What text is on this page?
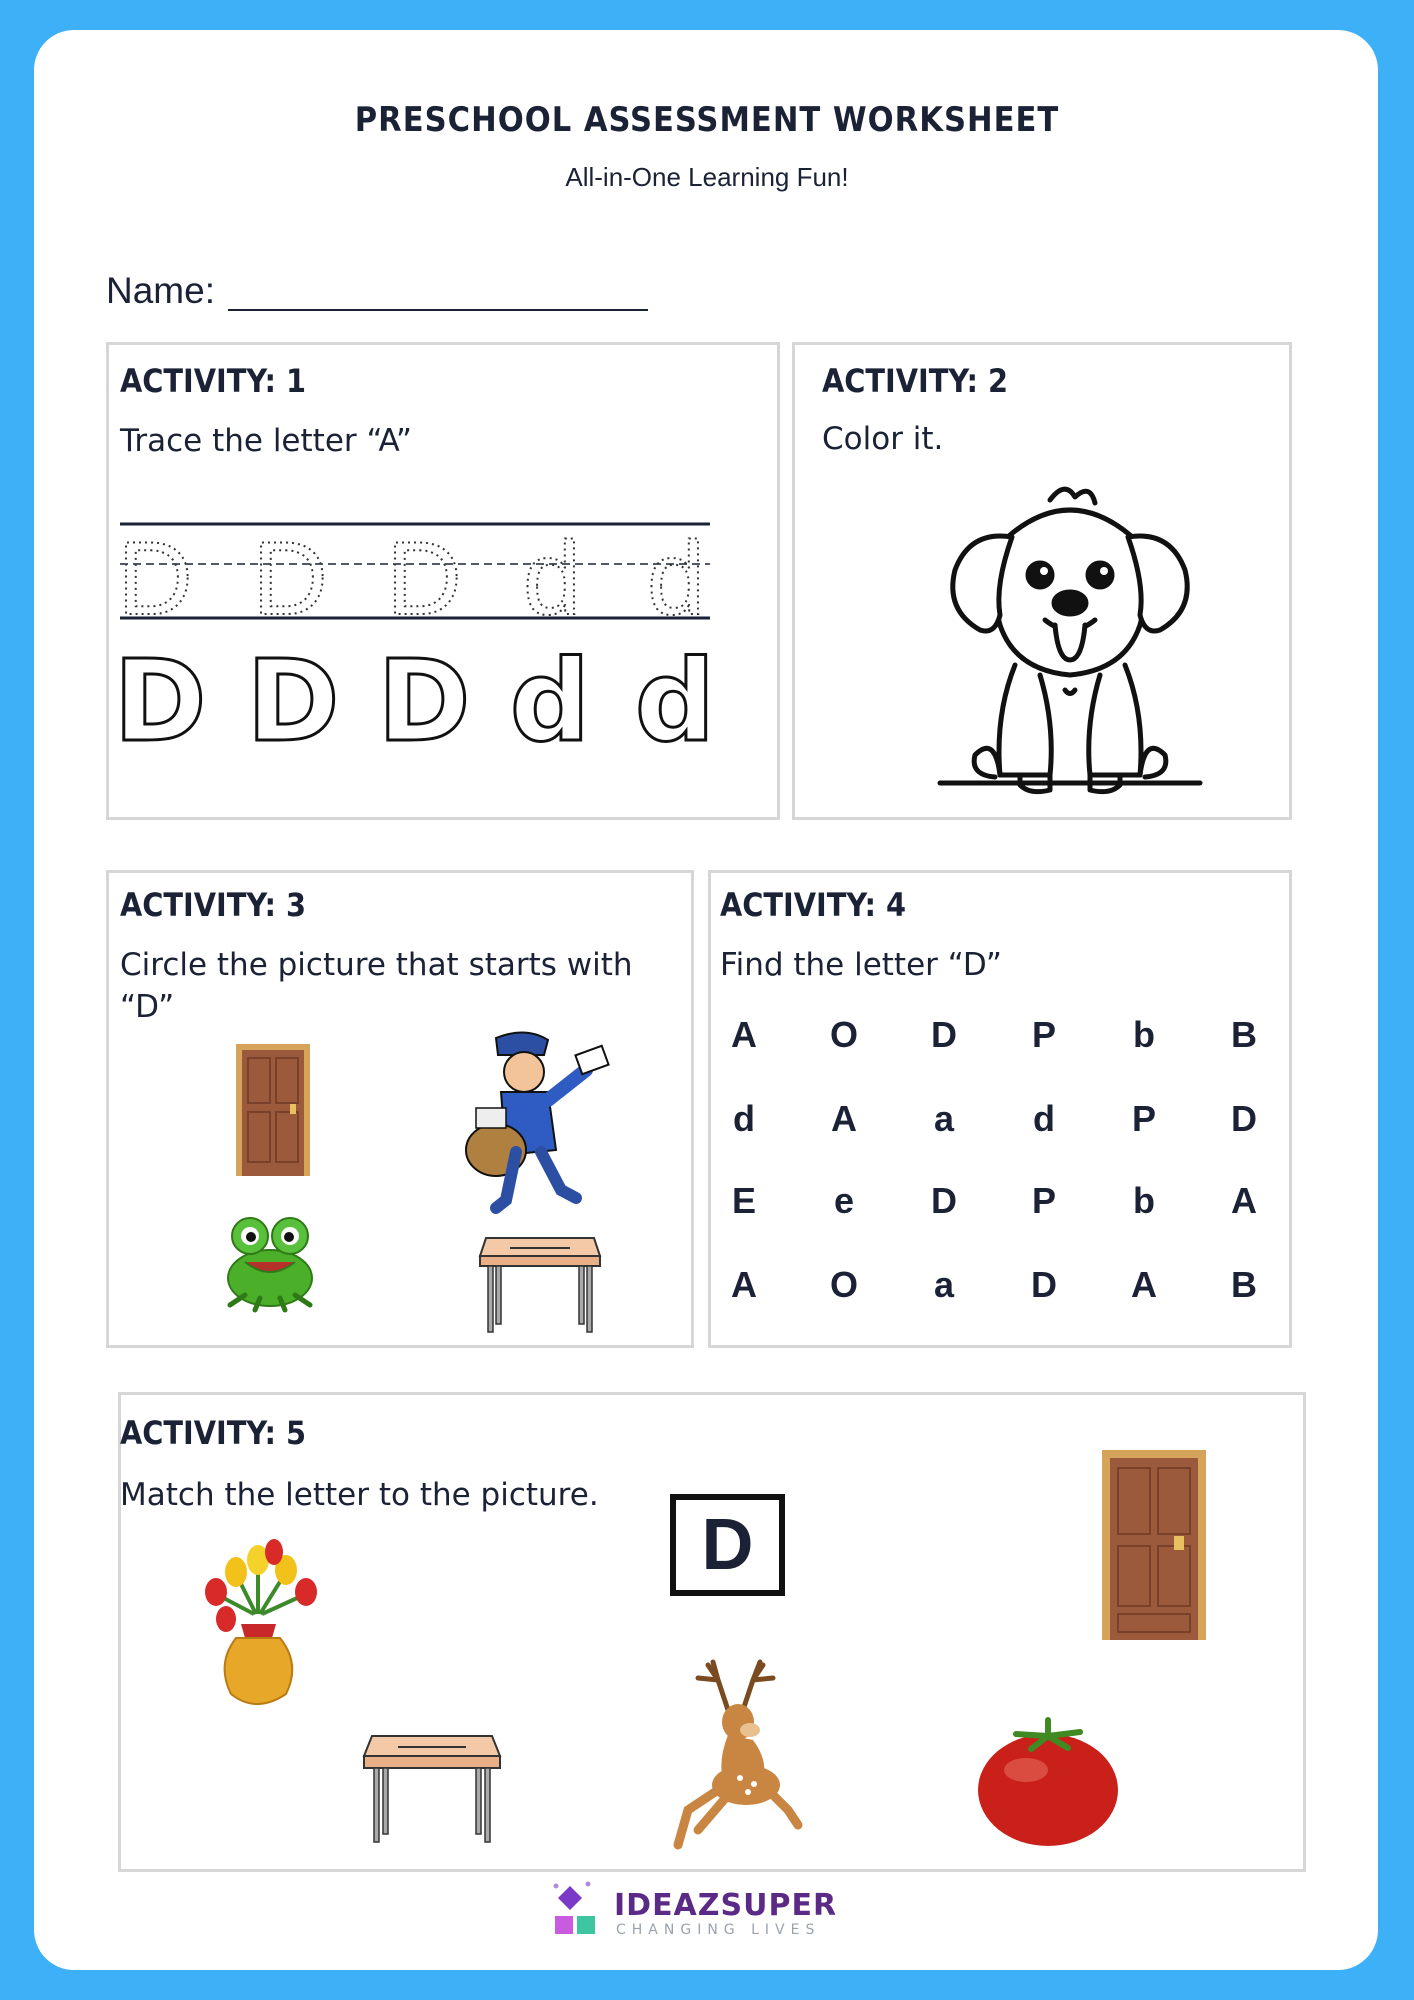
PRESCHOOL ASSESSMENT WORKSHEET
All-in-One Learning Fun!
Name:
ACTIVITY: 1
Trace the letter “A”
D D D d d
D D D d d
ACTIVITY: 2
Color it.
ACTIVITY: 3
Circle the picture that starts with
“D”
ACTIVITY: 4
Find the letter “D”
A	O	D	P	b	B
d	A	a	d	P	D
E	e	D	P	b	A
A	O	a	D	A	B
ACTIVITY: 5
Match the letter to the picture.
D
IDEAZSUPER
CHANGING LIVES
